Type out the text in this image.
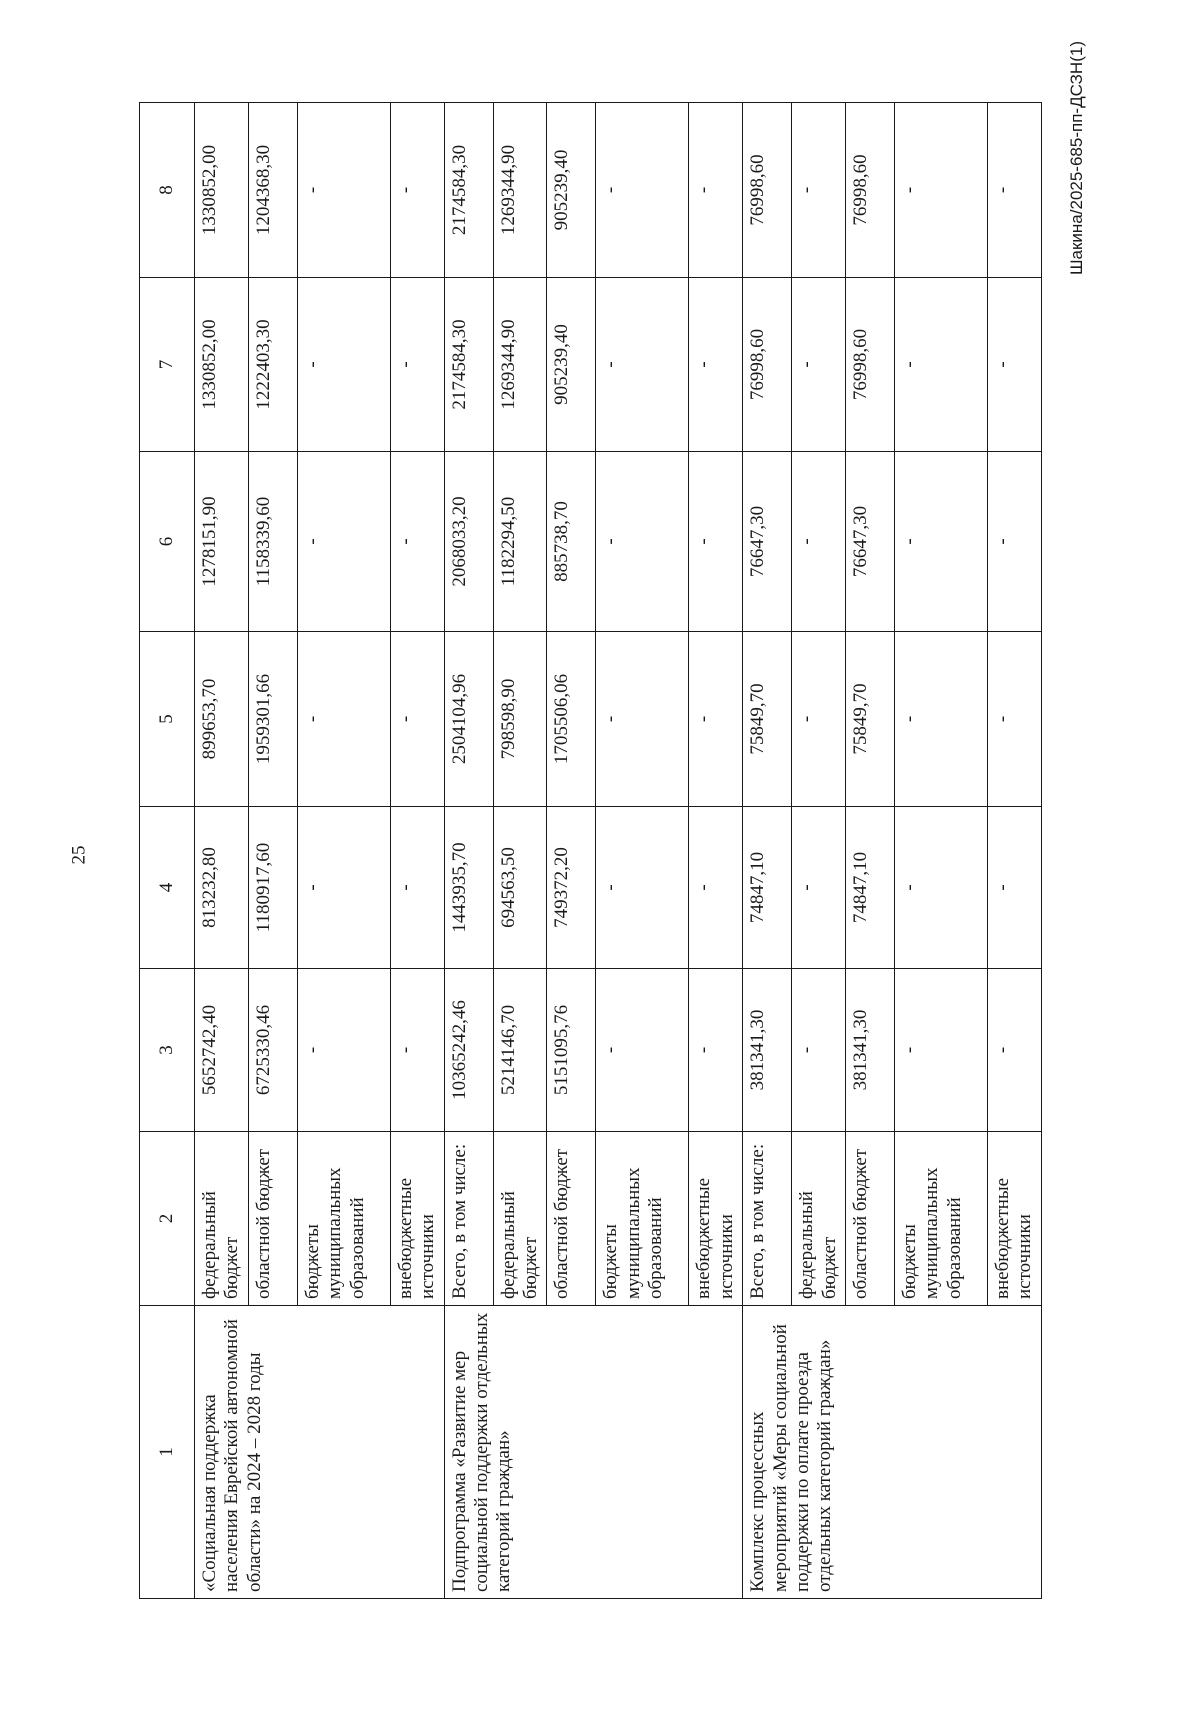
25
1	2	3	4	5	6	7	8
«Социальная поддержка населения Еврейской автономной области» на 2024 – 2028 годы	федеральный бюджет	5652742,40	813232,80	899653,70	1278151,90	1330852,00	1330852,00
	областной бюджет	6725330,46	1180917,60	1959301,66	1158339,60	1222403,30	1204368,30
	бюджеты муниципальных образований	-	-	-	-	-	-
	внебюджетные источники	-	-	-	-	-	-
Подпрограмма «Развитие мер социальной поддержки отдельных категорий граждан»	Всего, в том числе:	10365242,46	1443935,70	2504104,96	2068033,20	2174584,30	2174584,30
	федеральный бюджет	5214146,70	694563,50	798598,90	1182294,50	1269344,90	1269344,90
	областной бюджет	5151095,76	749372,20	1705506,06	885738,70	905239,40	905239,40
	бюджеты муниципальных образований	-	-	-	-	-	-
	внебюджетные источники	-	-	-	-	-	-
Комплекс процессных мероприятий «Меры социальной поддержки по оплате проезда отдельных категорий граждан»	Всего, в том числе:	381341,30	74847,10	75849,70	76647,30	76998,60	76998,60
	федеральный бюджет	-	-	-	-	-	-
	областной бюджет	381341,30	74847,10	75849,70	76647,30	76998,60	76998,60
	бюджеты муниципальных образований	-	-	-	-	-	-
	внебюджетные источники	-	-	-	-	-	-	Шакина/2025-685-пп-ДСЗН(1)
